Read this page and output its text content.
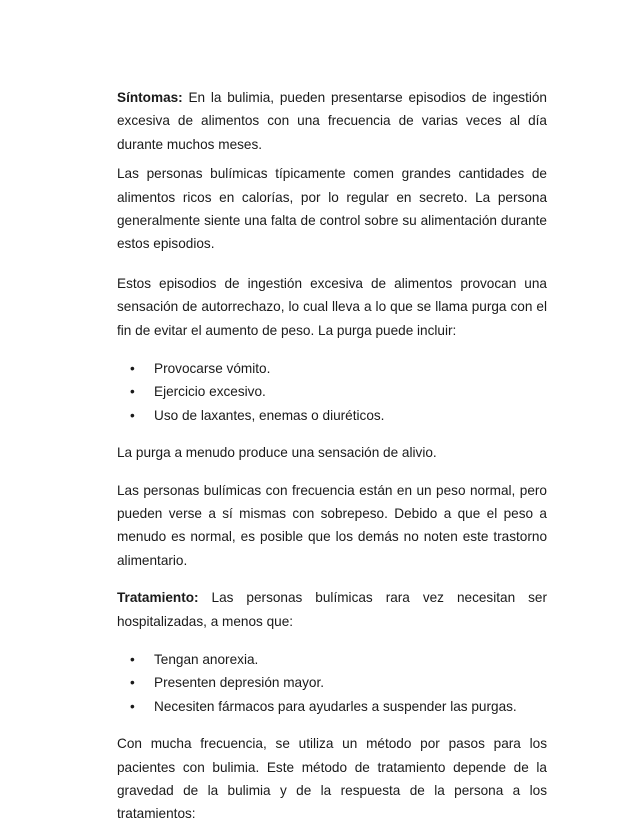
Síntomas: En la bulimia, pueden presentarse episodios de ingestión excesiva de alimentos con una frecuencia de varias veces al día durante muchos meses.

Las personas bulímicas típicamente comen grandes cantidades de alimentos ricos en calorías, por lo regular en secreto. La persona generalmente siente una falta de control sobre su alimentación durante estos episodios.

Estos episodios de ingestión excesiva de alimentos provocan una sensación de autorrechazo, lo cual lleva a lo que se llama purga con el fin de evitar el aumento de peso. La purga puede incluir:

• Provocarse vómito.
• Ejercicio excesivo.
• Uso de laxantes, enemas o diuréticos.

La purga a menudo produce una sensación de alivio.

Las personas bulímicas con frecuencia están en un peso normal, pero pueden verse a sí mismas con sobrepeso. Debido a que el peso a menudo es normal, es posible que los demás no noten este trastorno alimentario.

Tratamiento: Las personas bulímicas rara vez necesitan ser hospitalizadas, a menos que:

• Tengan anorexia.
• Presenten depresión mayor.
• Necesiten fármacos para ayudarles a suspender las purgas.

Con mucha frecuencia, se utiliza un método por pasos para los pacientes con bulimia. Este método de tratamiento depende de la gravedad de la bulimia y de la respuesta de la persona a los tratamientos:
